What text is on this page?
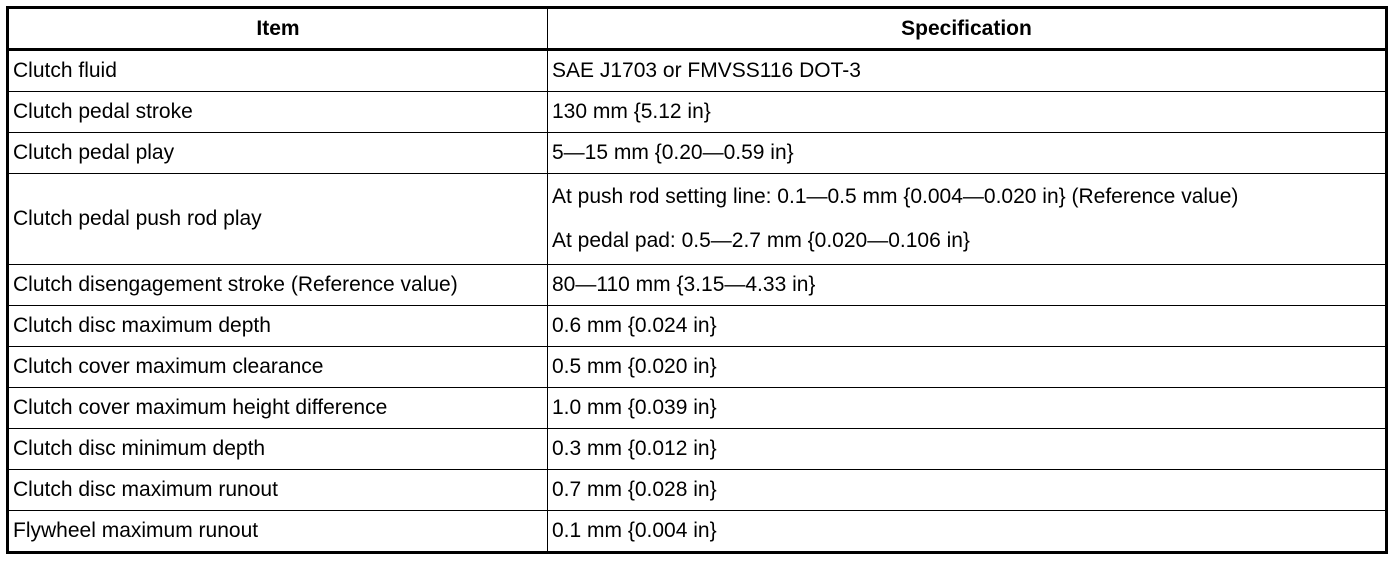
Item	Specification
Clutch fluid	SAE J1703 or FMVSS116 DOT-3
Clutch pedal stroke	130 mm {5.12 in}
Clutch pedal play	5—15 mm {0.20—0.59 in}
Clutch pedal push rod play	At push rod setting line: 0.1—0.5 mm {0.004—0.020 in} (Reference value)
At pedal pad: 0.5—2.7 mm {0.020—0.106 in}

Clutch disengagement stroke (Reference value)	80—110 mm {3.15—4.33 in}
Clutch disc maximum depth	0.6 mm {0.024 in}
Clutch cover maximum clearance	0.5 mm {0.020 in}
Clutch cover maximum height difference	1.0 mm {0.039 in}
Clutch disc minimum depth	0.3 mm {0.012 in}
Clutch disc maximum runout	0.7 mm {0.028 in}
Flywheel maximum runout	0.1 mm {0.004 in}
